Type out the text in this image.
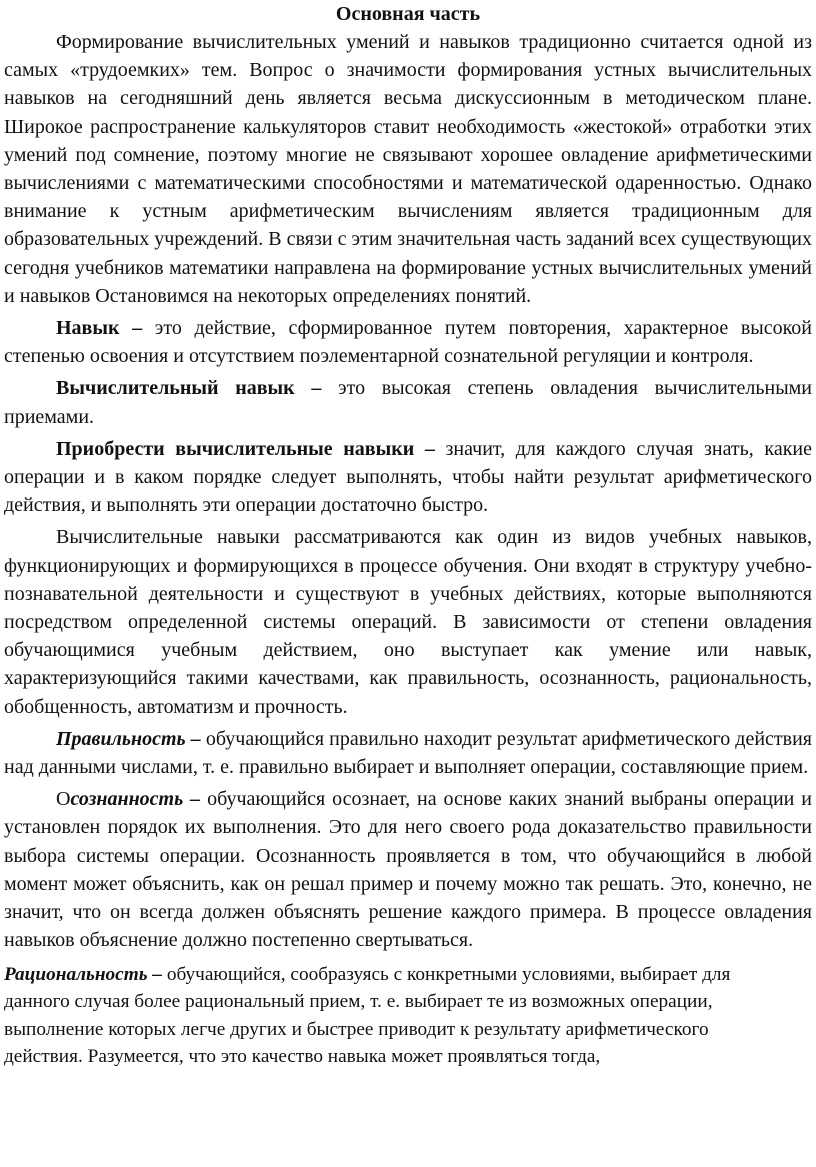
Основная часть

Формирование вычислительных умений и навыков традиционно считается одной из самых «трудоемких» тем. Вопрос о значимости формирования устных вычислительных навыков на сегодняшний день является весьма дискуссионным в методическом плане. Широкое распространение калькуляторов ставит необходимость «жестокой» отработки этих умений под сомнение, поэтому многие не связывают хорошее овладение арифметическими вычислениями с математическими способностями и математической одаренностью. Однако внимание к устным арифметическим вычислениям является традиционным для образовательных учреждений. В связи с этим значительная часть заданий всех существующих сегодня учебников математики направлена на формирование устных вычислительных умений и навыков Остановимся на некоторых определениях понятий.

Навык – это действие, сформированное путем повторения, характерное высокой степенью освоения и отсутствием поэлементарной сознательной регуляции и контроля.

Вычислительный навык – это высокая степень овладения вычислительными приемами.

Приобрести вычислительные навыки – значит, для каждого случая знать, какие операции и в каком порядке следует выполнять, чтобы найти результат арифметического действия, и выполнять эти операции достаточно быстро.

Вычислительные навыки рассматриваются как один из видов учебных навыков, функционирующих и формирующихся в процессе обучения. Они входят в структуру учебно-познавательной деятельности и существуют в учебных действиях, которые выполняются посредством определенной системы операций. В зависимости от степени овладения обучающимися учебным действием, оно выступает как умение или навык, характеризующийся такими качествами, как правильность, осознанность, рациональность, обобщенность, автоматизм и прочность.

Правильность – обучающийся правильно находит результат арифметического действия над данными числами, т. е. правильно выбирает и выполняет операции, составляющие прием.

Осознанность – обучающийся осознает, на основе каких знаний выбраны операции и установлен порядок их выполнения. Это для него своего рода доказательство правильности выбора системы операции. Осознанность проявляется в том, что обучающийся в любой момент может объяснить, как он решал пример и почему можно так решать. Это, конечно, не значит, что он всегда должен объяснять решение каждого примера. В процессе овладения навыков объяснение должно постепенно свертываться.

Рациональность – обучающийся, сообразуясь с конкретными условиями, выбирает для данного случая более рациональный прием, т. е. выбирает те из возможных операции, выполнение которых легче других и быстрее приводит к результату арифметического действия. Разумеется, что это качество навыка может проявляться тогда,
